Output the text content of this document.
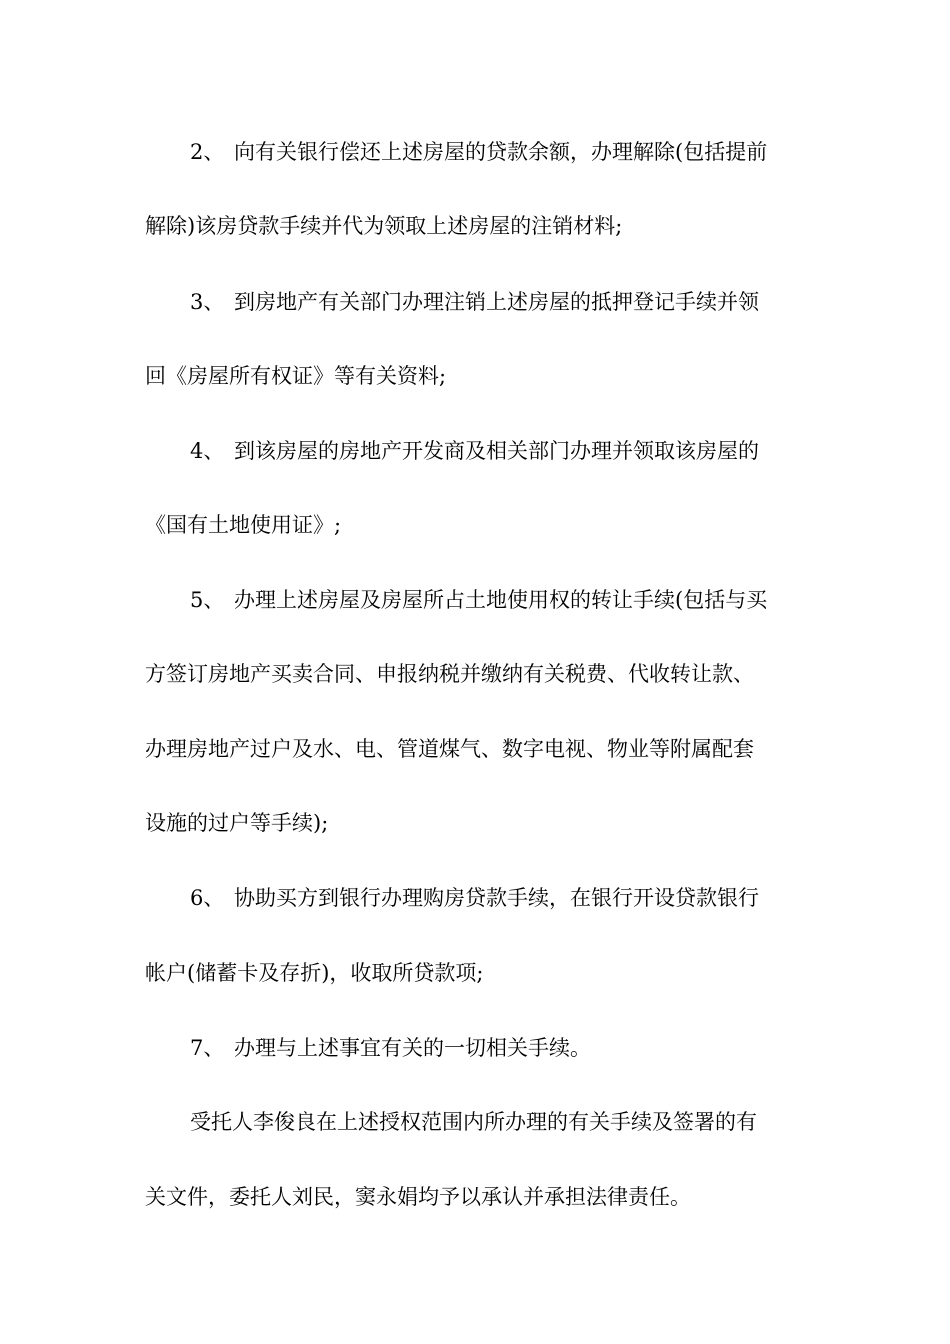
2、 向有关银行偿还上述房屋的贷款余额，办理解除(包括提前
解除)该房贷款手续并代为领取上述房屋的注销材料;
3、 到房地产有关部门办理注销上述房屋的抵押登记手续并领
回《房屋所有权证》等有关资料;
4、 到该房屋的房地产开发商及相关部门办理并领取该房屋的
《国有土地使用证》;
5、 办理上述房屋及房屋所占土地使用权的转让手续(包括与买
方签订房地产买卖合同、申报纳税并缴纳有关税费、代收转让款、
办理房地产过户及水、电、管道煤气、数字电视、物业等附属配套
设施的过户等手续);
6、 协助买方到银行办理购房贷款手续，在银行开设贷款银行
帐户(储蓄卡及存折)，收取所贷款项;
7、 办理与上述事宜有关的一切相关手续。
受托人李俊良在上述授权范围内所办理的有关手续及签署的有
关文件，委托人刘民，窦永娟均予以承认并承担法律责任。
